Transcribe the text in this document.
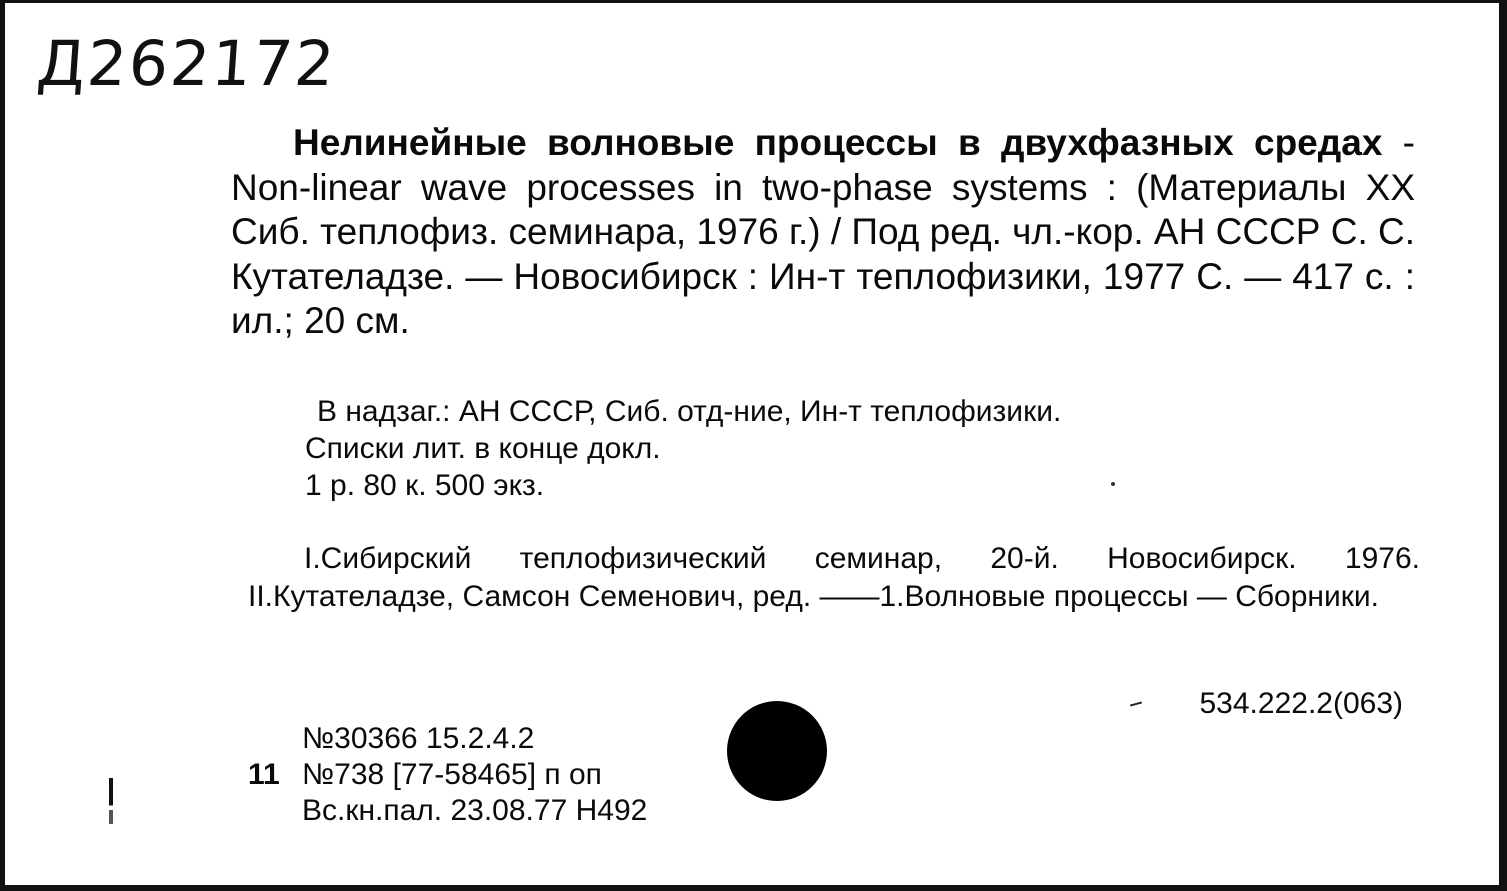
Д262172
Нелинейные волновые процессы в двухфазных средах - Non-linear wave processes in two-phase systems : (Материалы XX Сиб. теплофиз. семинара, 1976 г.) / Под ред. чл.-кор. АН СССР С. С. Кутателадзе. — Новосибирск : Ин-т теплофизики, 1977 С. — 417 с. : ил.; 20 см.
В надзаг.: АН СССР, Сиб. отд-ние, Ин-т теплофизики.
Списки лит. в конце докл.
1 р. 80 к. 500 экз.
I.Сибирский теплофизический семинар, 20-й. Новосибирск. 1976. II.Кутателадзе, Самсон Семенович, ред. ——1.Волновые процессы — Сборники.
534.222.2(063)
№30366 15.2.4.2
11 №738 [77-58465] п оп
Вс.кн.пал. 23.08.77 Н492
